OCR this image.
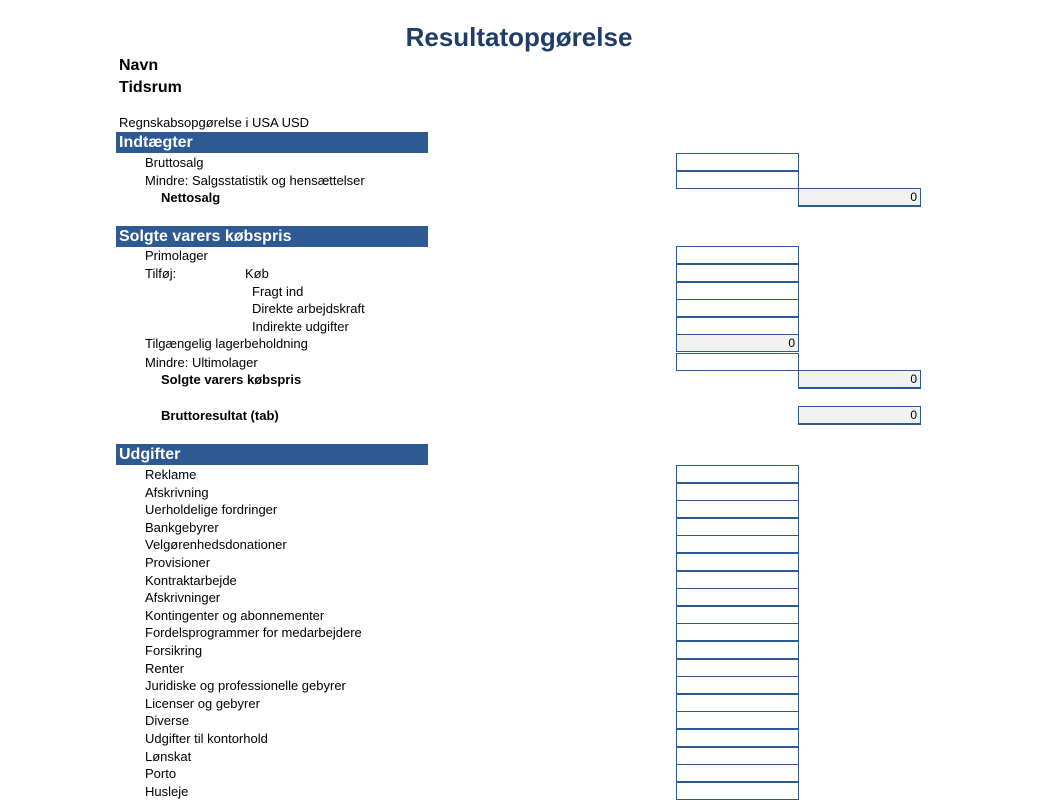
Resultatopgørelse
Navn
Tidsrum
Regnskabsopgørelse i USA USD
Indtægter
Bruttosalg
Mindre: Salgsstatistik og hensættelser
Nettosalg	0
Solgte varers købspris
Primolager
Tilføj:	Køb
Fragt ind
Direkte arbejdskraft
Indirekte udgifter
Tilgængelig lagerbeholdning	0
Mindre: Ultimolager
Solgte varers købspris	0
Bruttoresultat (tab)	0
Udgifter
Reklame
Afskrivning
Uerholdelige fordringer
Bankgebyrer
Velgørenhedsdonationer
Provisioner
Kontraktarbejde
Afskrivninger
Kontingenter og abonnementer
Fordelsprogrammer for medarbejdere
Forsikring
Renter
Juridiske og professionelle gebyrer
Licenser og gebyrer
Diverse
Udgifter til kontorhold
Lønskat
Porto
Husleje
